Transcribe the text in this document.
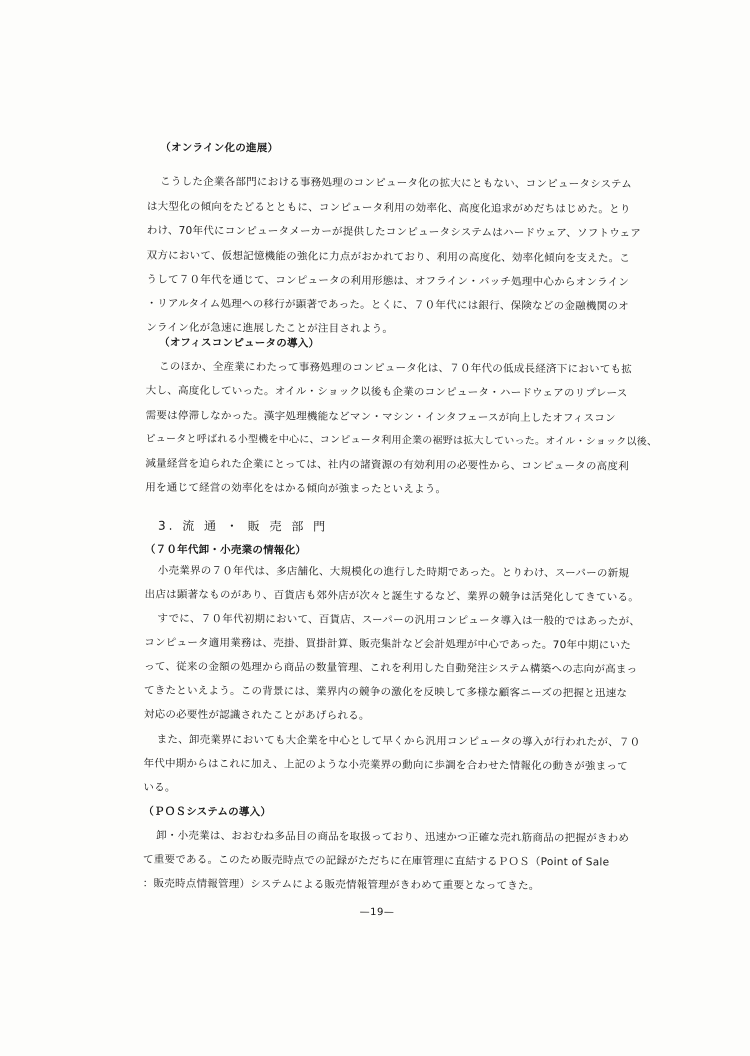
（オンライン化の進展）
こうした企業各部門における事務処理のコンピュータ化の拡大にともない、コンピュータシステム
は大型化の傾向をたどるとともに、コンピュータ利用の効率化、高度化追求がめだちはじめた。とり
わけ、70年代にコンピュータメーカーが提供したコンピュータシステムはハードウェア、ソフトウェア
双方において、仮想記憶機能の強化に力点がおかれており、利用の高度化、効率化傾向を支えた。こ
うして７０年代を通じて、コンピュータの利用形態は、オフライン・バッチ処理中心からオンライン
・リアルタイム処理への移行が顕著であった。とくに、７０年代には銀行、保険などの金融機関のオ
ンライン化が急速に進展したことが注目されよう。
（オフィスコンピュータの導入）
このほか、全産業にわたって事務処理のコンピュータ化は、７０年代の低成長経済下においても拡
大し、高度化していった。オイル・ショック以後も企業のコンピュータ・ハードウェアのリプレース
需要は停滞しなかった。漢字処理機能などマン・マシン・インタフェースが向上したオフィスコン
ピュータと呼ばれる小型機を中心に、コンピュータ利用企業の裾野は拡大していった。オイル・ショック以後、
減量経営を迫られた企業にとっては、社内の諸資源の有効利用の必要性から、コンピュータの高度利
用を通じて経営の効率化をはかる傾向が強まったといえよう。
3. 流 通 ・ 販 売 部 門
（７０年代卸・小売業の情報化）
小売業界の７０年代は、多店舗化、大規模化の進行した時期であった。とりわけ、スーパーの新規
出店は顕著なものがあり、百貨店も郊外店が次々と誕生するなど、業界の競争は活発化してきている。
すでに、７０年代初期において、百貨店、スーパーの汎用コンピュータ導入は一般的ではあったが、
コンピュータ適用業務は、売掛、買掛計算、販売集計など会計処理が中心であった。70年中期にいた
って、従来の金額の処理から商品の数量管理、これを利用した自動発注システム構築への志向が高まっ
てきたといえよう。この背景には、業界内の競争の激化を反映して多様な顧客ニーズの把握と迅速な
対応の必要性が認識されたことがあげられる。
また、卸売業界においても大企業を中心として早くから汎用コンピュータの導入が行われたが、７０
年代中期からはこれに加え、上記のような小売業界の動向に歩調を合わせた情報化の動きが強まって
いる。
（ＰＯＳシステムの導入）
卸・小売業は、おおむね多品目の商品を取扱っており、迅速かつ正確な売れ筋商品の把握がきわめ
て重要である。このため販売時点での記録がただちに在庫管理に直結するＰＯＳ（Point of Sale
：販売時点情報管理）システムによる販売情報管理がきわめて重要となってきた。
—19—
